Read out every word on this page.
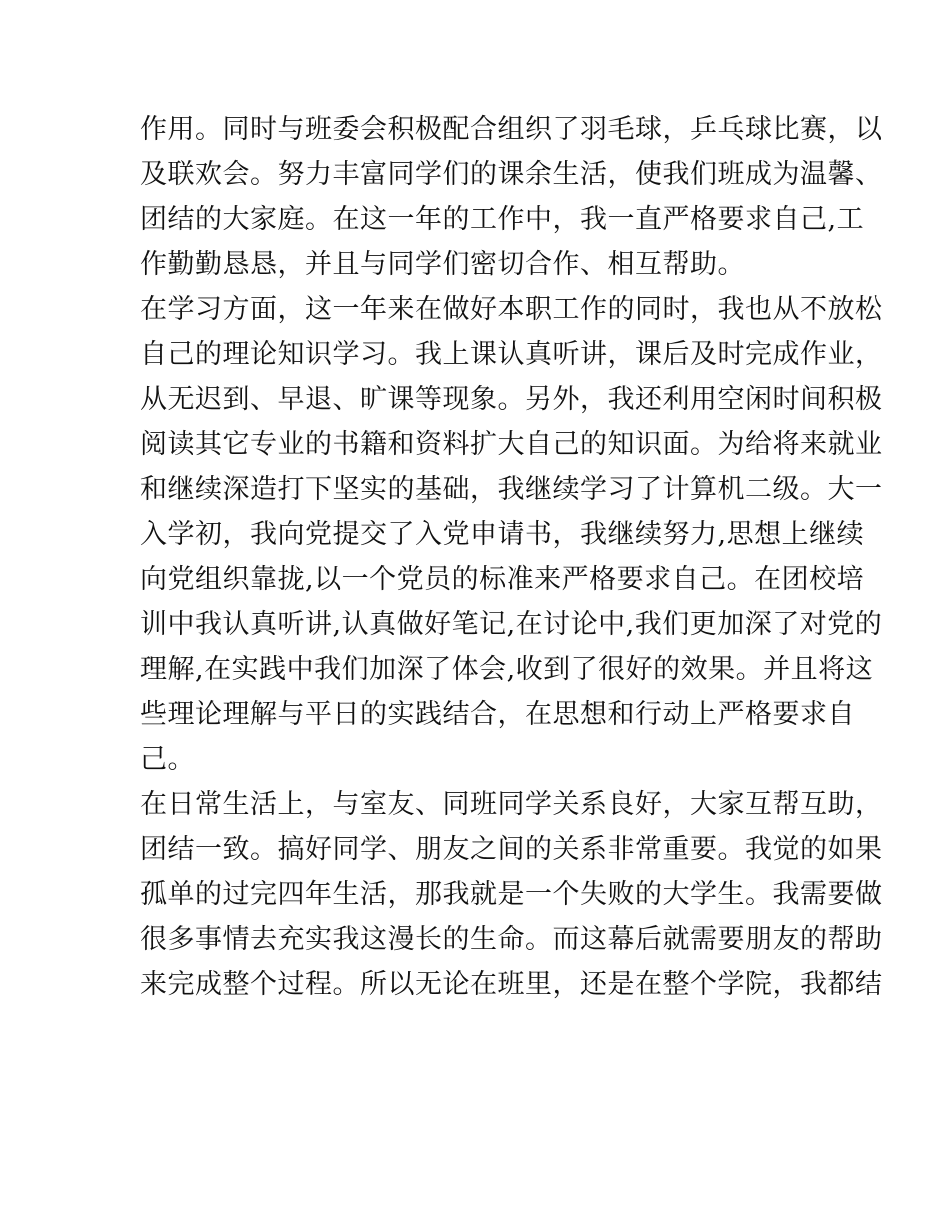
作用。同时与班委会积极配合组织了羽毛球，乒乓球比赛，以
及联欢会。努力丰富同学们的课余生活，使我们班成为温馨、
团结的大家庭。在这一年的工作中，我一直严格要求自己,工
作勤勤恳恳，并且与同学们密切合作、相互帮助。
在学习方面，这一年来在做好本职工作的同时，我也从不放松
自己的理论知识学习。我上课认真听讲，课后及时完成作业，
从无迟到、早退、旷课等现象。另外，我还利用空闲时间积极
阅读其它专业的书籍和资料扩大自己的知识面。为给将来就业
和继续深造打下坚实的基础，我继续学习了计算机二级。大一
入学初，我向党提交了入党申请书，我继续努力,思想上继续
向党组织靠拢,以一个党员的标准来严格要求自己。在团校培
训中我认真听讲,认真做好笔记,在讨论中,我们更加深了对党的
理解,在实践中我们加深了体会,收到了很好的效果。并且将这
些理论理解与平日的实践结合，在思想和行动上严格要求自
己。
在日常生活上，与室友、同班同学关系良好，大家互帮互助，
团结一致。搞好同学、朋友之间的关系非常重要。我觉的如果
孤单的过完四年生活，那我就是一个失败的大学生。我需要做
很多事情去充实我这漫长的生命。而这幕后就需要朋友的帮助
来完成整个过程。所以无论在班里，还是在整个学院，我都结
